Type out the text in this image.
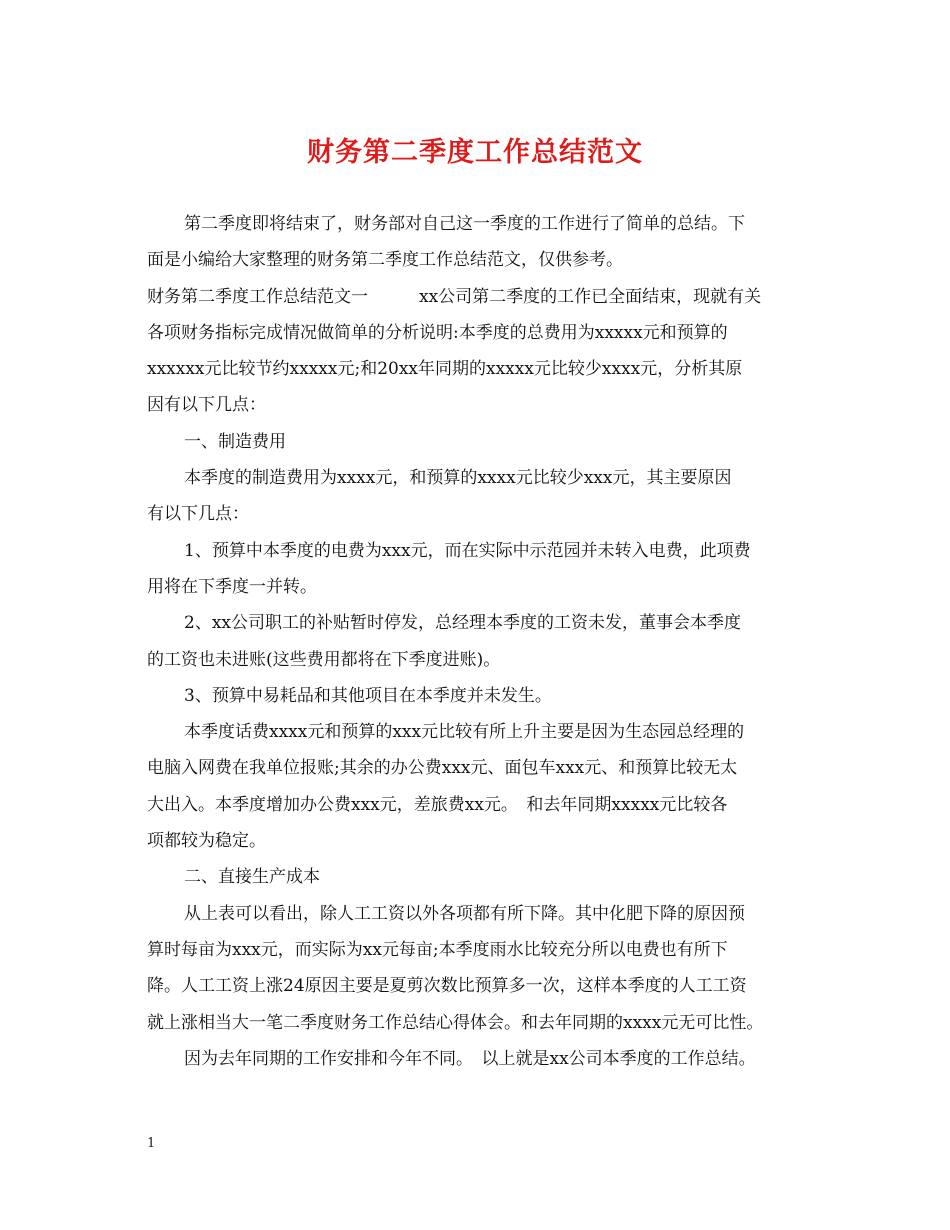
财务第二季度工作总结范文
第二季度即将结束了，财务部对自己这一季度的工作进行了简单的总结。下
面是小编给大家整理的财务第二季度工作总结范文，仅供参考。
财务第二季度工作总结范文一　　　xx公司第二季度的工作已全面结束，现就有关
各项财务指标完成情况做简单的分析说明:本季度的总费用为xxxxx元和预算的
xxxxxx元比较节约xxxxx元;和20xx年同期的xxxxx元比较少xxxx元，分析其原
因有以下几点：
一、制造费用
本季度的制造费用为xxxx元，和预算的xxxx元比较少xxx元，其主要原因
有以下几点：
1、预算中本季度的电费为xxx元，而在实际中示范园并未转入电费，此项费
用将在下季度一并转。
2、xx公司职工的补贴暂时停发，总经理本季度的工资未发，董事会本季度
的工资也未进账(这些费用都将在下季度进账)。
3、预算中易耗品和其他项目在本季度并未发生。
本季度话费xxxx元和预算的xxx元比较有所上升主要是因为生态园总经理的
电脑入网费在我单位报账;其余的办公费xxx元、面包车xxx元、和预算比较无太
大出入。本季度增加办公费xxx元，差旅费xx元。　和去年同期xxxxx元比较各
项都较为稳定。
二、直接生产成本
从上表可以看出，除人工工资以外各项都有所下降。其中化肥下降的原因预
算时每亩为xxx元，而实际为xx元每亩;本季度雨水比较充分所以电费也有所下
降。人工工资上涨24原因主要是夏剪次数比预算多一次，这样本季度的人工工资
就上涨相当大一笔二季度财务工作总结心得体会。和去年同期的xxxx元无可比性。
因为去年同期的工作安排和今年不同。　以上就是xx公司本季度的工作总结。
1
